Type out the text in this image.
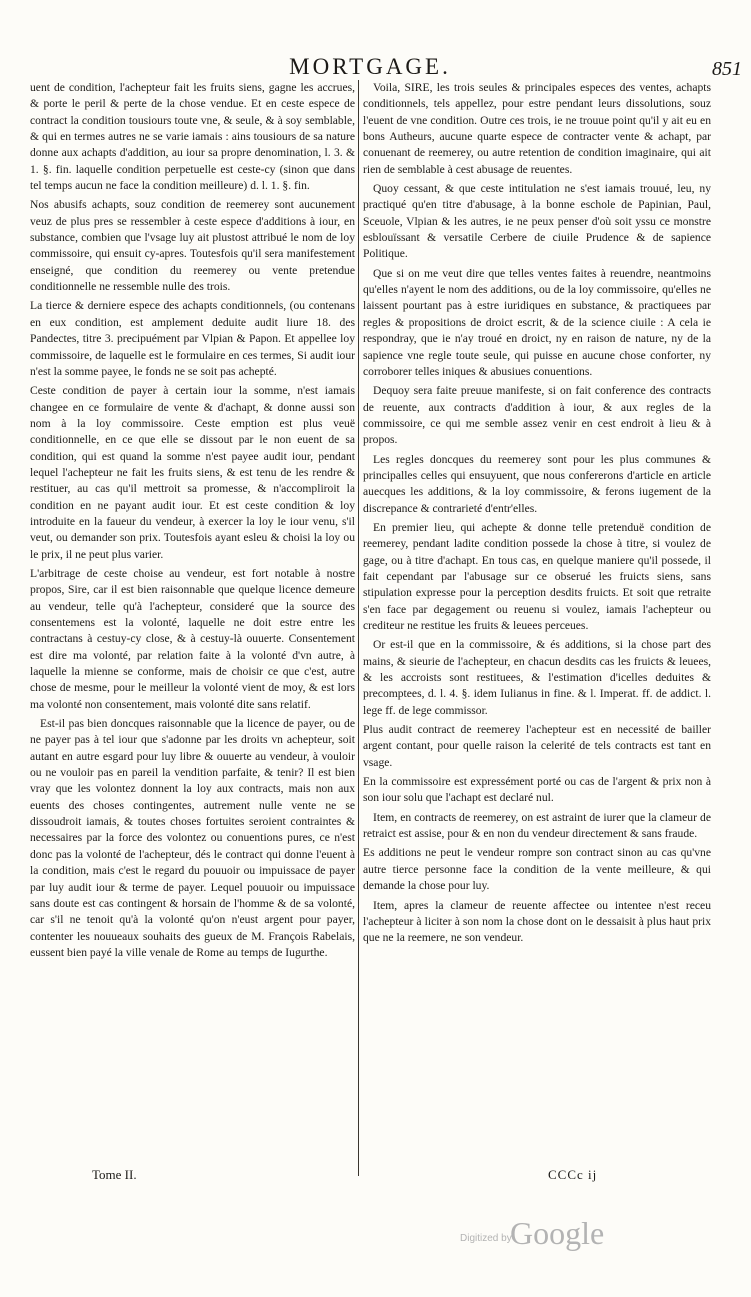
MORTGAGE.	851

uent de condition, l'achepteur fait les fruits siens, gagne les accrues, & porte le peril & perte de la chose vendue. Et en ceste espece de contract la condition tousiours toute vne, & seule, & à soy semblable, & qui en termes autres ne se varie iamais : ains tousiours de sa nature donne aux achapts d'addition, au iour sa propre denomination, l. 3. & 1. §. fin. laquelle condition perpetuelle est ceste-cy (sinon que dans tel temps aucun ne face la condition meilleure) d. l. 1. §. fin.

Nos abusifs achapts, souz condition de reemerey sont aucunement veuz de plus pres se ressembler à ceste espece d'additions à iour, en substance, combien que l'vsage luy ait plustost attribué le nom de loy commissoire, qui ensuit cy-apres. Toutesfois qu'il sera manifestement enseigné, que condition du reemerey ou vente pretendue conditionnelle ne ressemble nulle des trois.

La tierce & derniere espece des achapts conditionnels, (ou contenans en eux condition, est amplement deduite audit liure 18. des Pandectes, titre 3. precipuément par Vlpian & Papon. Et appellee loy commissoire, de laquelle est le formulaire en ces termes, Si audit iour n'est la somme payee, le fonds ne se soit pas achepté.

Ceste condition de payer à certain iour la somme, n'est iamais changee en ce formulaire de vente & d'achapt, & donne aussi son nom à la loy commissoire. Ceste emption est plus veuë conditionnelle, en ce que elle se dissout par le non euent de sa condition, qui est quand la somme n'est payee audit iour, pendant lequel l'achepteur ne fait les fruits siens, & est tenu de les rendre & restituer, au cas qu'il mettroit sa promesse, & n'accompliroit la condition en ne payant audit iour. Et est ceste condition & loy introduite en la faueur du vendeur, à exercer la loy le iour venu, s'il veut, ou demander son prix. Toutesfois ayant esleu & choisi la loy ou le prix, il ne peut plus varier.

L'arbitrage de ceste choise au vendeur, est fort notable à nostre propos, Sire, car il est bien raisonnable que quelque licence demeure au vendeur, telle qu'à l'achepteur, consideré que la source des consentemens est la volonté, laquelle ne doit estre entre les contractans à cestuy-cy close, & à cestuy-là ouuerte. Consentement est dire ma volonté, par relation faite à la volonté d'vn autre, à laquelle la mienne se conforme, mais de choisir ce que c'est, autre chose de mesme, pour le meilleur la volonté vient de moy, & est lors ma volonté non consentement, mais volonté dite sans relatif.

Est-il pas bien doncques raisonnable que la licence de payer, ou de ne payer pas à tel iour que s'adonne par les droits vn achepteur, soit autant en autre esgard pour luy libre & ouuerte au vendeur, à vouloir ou ne vouloir pas en pareil la vendition parfaite, & tenir? Il est bien vray que les volontez donnent la loy aux contracts, mais non aux euents des choses contingentes, autrement nulle vente ne se dissoudroit iamais, & toutes choses fortuites seroient contraintes & necessaires par la force des volontez ou conuentions pures, ce n'est donc pas la volonté de l'achepteur, dés le contract qui donne l'euent à la condition, mais c'est le regard du pouuoir ou impuissace de payer par luy audit iour & terme de payer. Lequel pouuoir ou impuissace sans doute est cas contingent & horsain de l'homme & de sa volonté, car s'il ne tenoit qu'à la volonté qu'on n'eust argent pour payer, contenter les nouueaux souhaits des gueux de M. François Rabelais, eussent bien payé la ville venale de Rome au temps de Iugurthe.

Voila, SIRE, les trois seules & principales especes des ventes, achapts conditionnels, tels appellez, pour estre pendant leurs dissolutions, souz l'euent de vne condition. Outre ces trois, ie ne trouue point qu'il y ait eu en bons Autheurs, aucune quarte espece de contracter vente & achapt, par conuenant de reemerey, ou autre retention de condition imaginaire, qui ait rien de semblable à cest abusage de reuentes.

Quoy cessant, & que ceste intitulation ne s'est iamais trouué, leu, ny practiqué qu'en titre d'abusage, à la bonne eschole de Papinian, Paul, Sceuole, Vlpian & les autres, ie ne peux penser d'où soit yssu ce monstre esblouïssant & versatile Cerbere de ciuile Prudence & de sapience Politique.

Que si on me veut dire que telles ventes faites à reuendre, neantmoins qu'elles n'ayent le nom des additions, ou de la loy commissoire, qu'elles ne laissent pourtant pas à estre iuridiques en substance, & practiquees par regles & propositions de droict escrit, & de la science ciuile : A cela ie respondray, que ie n'ay troué en droict, ny en raison de nature, ny de la sapience vne regle toute seule, qui puisse en aucune chose conforter, ny corroborer telles iniques & abusiues conuentions.

Dequoy sera faite preuue manifeste, si on fait conference des contracts de reuente, aux contracts d'addition à iour, & aux regles de la commissoire, ce qui me semble assez venir en cest endroit à lieu & à propos.

Les regles doncques du reemerey sont pour les plus communes & principalles celles qui ensuyuent, que nous confererons d'article en article auecques les additions, & la loy commissoire, & ferons iugement de la discrepance & contrarieté d'entr'elles.

En premier lieu, qui achepte & donne telle pretenduë condition de reemerey, pendant ladite condition possede la chose à titre, si voulez de gage, ou à titre d'achapt. En tous cas, en quelque maniere qu'il possede, il fait cependant par l'abusage sur ce obserué les fruicts siens, sans stipulation expresse pour la perception desdits fruicts. Et soit que retraite s'en face par degagement ou reuenu si voulez, iamais l'achepteur ou crediteur ne restitue les fruits & leuees perceues.

Or est-il que en la commissoire, & és additions, si la chose part des mains, & sieurie de l'achepteur, en chacun desdits cas les fruicts & leuees, & les accroists sont restituees, & l'estimation d'icelles deduites & precomptees, d. l. 4. §. idem Iulianus in fine. & l. Imperat. ff. de addict. l. lege ff. de lege commissor.

Plus audit contract de reemerey l'achepteur est en necessité de bailler argent contant, pour quelle raison la celerité de tels contracts est tant en vsage.

En la commissoire est expressément porté ou cas de l'argent & prix non à son iour solu que l'achapt est declaré nul.

Item, en contracts de reemerey, on est astraint de iurer que la clameur de retraict est assise, pour & en non du vendeur directement & sans fraude.

Es additions ne peut le vendeur rompre son contract sinon au cas qu'vne autre tierce personne face la condition de la vente meilleure, & qui demande la chose pour luy.

Item, apres la clameur de reuente affectee ou intentee n'est receu l'achepteur à liciter à son nom la chose dont on le dessaisit à plus haut prix que ne la reemere, ne son vendeur.

Tome II.	CCCc ij
Digitized by
Google
